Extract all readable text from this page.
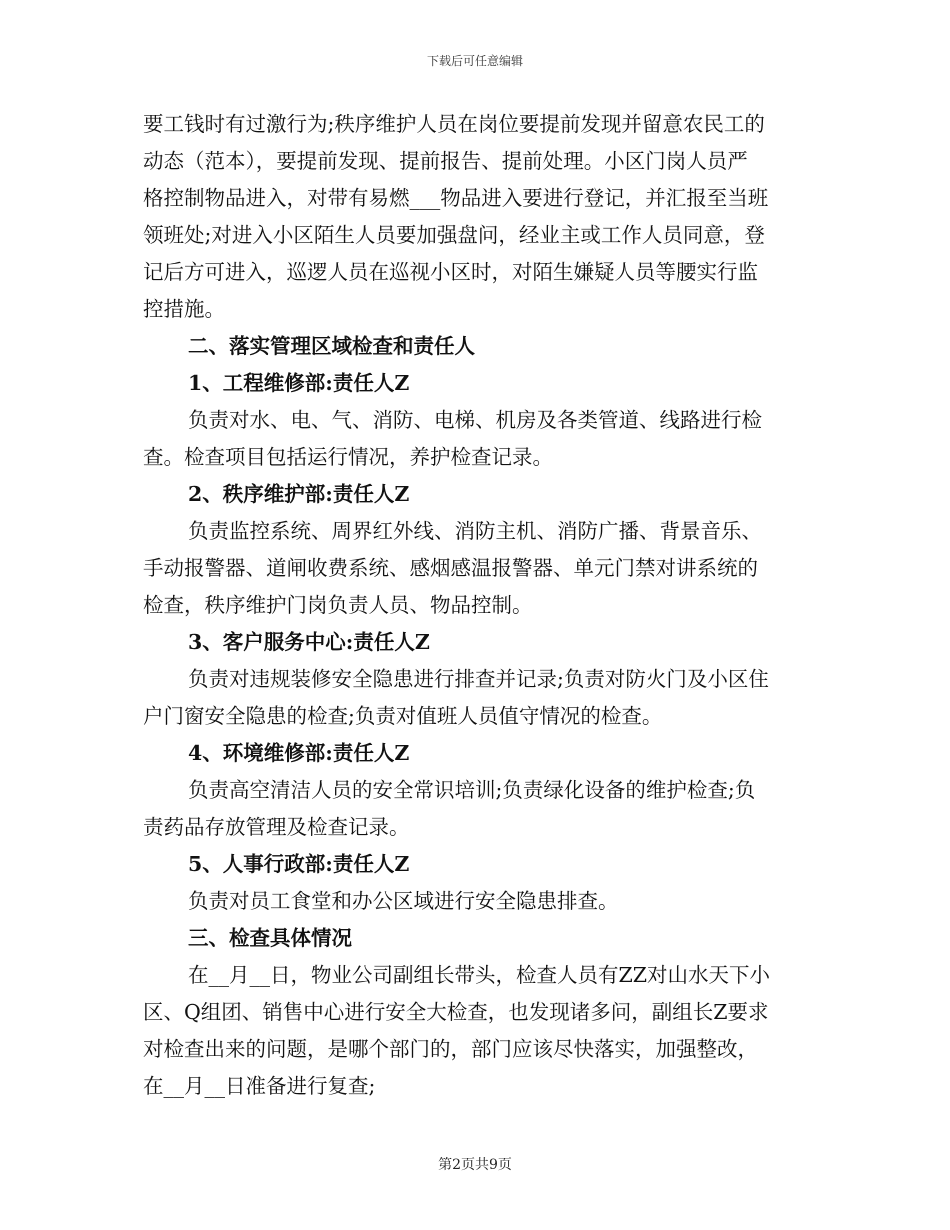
下载后可任意编辑
要工钱时有过激行为;秩序维护人员在岗位要提前发现并留意农民工的
动态（范本），要提前发现、提前报告、提前处理。小区门岗人员严
格控制物品进入，对带有易燃___物品进入要进行登记，并汇报至当班
领班处;对进入小区陌生人员要加强盘问，经业主或工作人员同意，登
记后方可进入，巡逻人员在巡视小区时，对陌生嫌疑人员等腰实行监
控措施。
二、落实管理区域检查和责任人
1、工程维修部:责任人Z
负责对水、电、气、消防、电梯、机房及各类管道、线路进行检
查。检查项目包括运行情况，养护检查记录。
2、秩序维护部:责任人Z
负责监控系统、周界红外线、消防主机、消防广播、背景音乐、
手动报警器、道闸收费系统、感烟感温报警器、单元门禁对讲系统的
检查，秩序维护门岗负责人员、物品控制。
3、客户服务中心:责任人Z
负责对违规装修安全隐患进行排查并记录;负责对防火门及小区住
户门窗安全隐患的检查;负责对值班人员值守情况的检查。
4、环境维修部:责任人Z
负责高空清洁人员的安全常识培训;负责绿化设备的维护检查;负
责药品存放管理及检查记录。
5、人事行政部:责任人Z
负责对员工食堂和办公区域进行安全隐患排查。
三、检查具体情况
在__月__日，物业公司副组长带头，检查人员有ZZ对山水天下小
区、Q组团、销售中心进行安全大检查，也发现诸多问，副组长Z要求
对检查出来的问题，是哪个部门的，部门应该尽快落实，加强整改，
在__月__日准备进行复查;
第2页共9页
